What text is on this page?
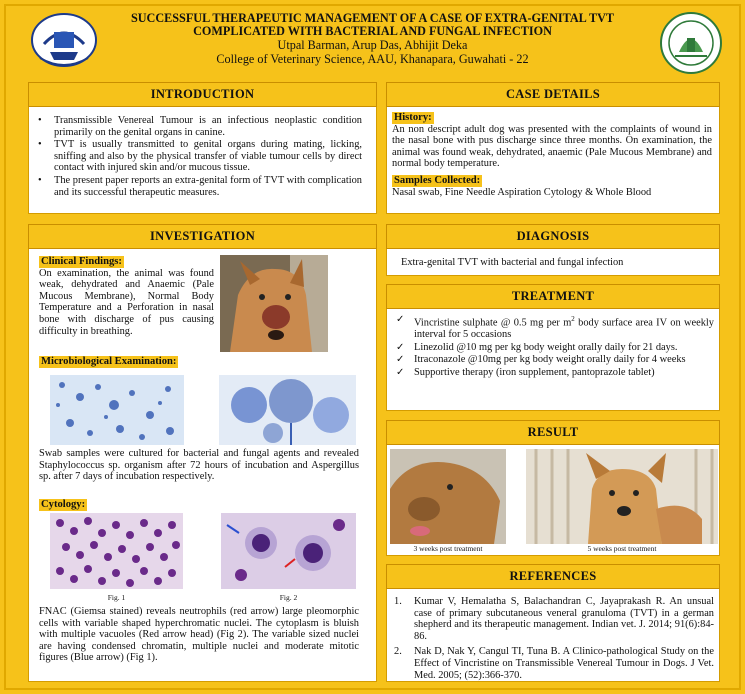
SUCCESSFUL THERAPEUTIC MANAGEMENT OF A CASE OF EXTRA-GENITAL TVT
COMPLICATED WITH BACTERIAL AND FUNGAL INFECTION
Utpal Barman, Arup Das, Abhijit Deka
College of Veterinary Science, AAU, Khanapara, Guwahati - 22
INTRODUCTION
• Transmissible Venereal Tumour is an infectious neoplastic condition primarily on the genital organs in canine.
• TVT is usually transmitted to genital organs during mating, licking, sniffing and also by the physical transfer of viable tumour cells by direct contact with injured skin and/or mucous tissue.
• The present paper reports an extra-genital form of TVT with complication and its successful therapeutic measures.
CASE DETAILS
History:
An non descript adult dog was presented with the complaints of wound in the nasal bone with pus discharge since three months. On examination, the animal was found weak, dehydrated, anaemic (Pale Mucous Membrane) and normal body temperature.
Samples Collected:
Nasal swab, Fine Needle Aspiration Cytology & Whole Blood
INVESTIGATION
Clinical Findings:
On examination, the animal was found weak, dehydrated and Anaemic (Pale Mucous Membrane), Normal Body Temperature and a Perforation in nasal bone with discharge of pus causing difficulty in breathing.
Microbiological Examination:
Swab samples were cultured for bacterial and fungal agents and revealed Staphylococcus sp. organism after 72 hours of incubation and Aspergillus sp. after 7 days of incubation respectively.
Cytology:
Fig. 1	Fig. 2
FNAC (Giemsa stained) reveals neutrophils (red arrow) large pleomorphic cells with variable shaped hyperchromatic nuclei. The cytoplasm is bluish with multiple vacuoles (Red arrow head) (Fig 2). The variable sized nuclei are having condensed chromatin, multiple nuclei and moderate mitotic figures (Blue arrow) (Fig 1).
DIAGNOSIS
Extra-genital TVT with bacterial and fungal infection
TREATMENT
✓ Vincristine sulphate @ 0.5 mg per $m^2$ body surface area IV on weekly interval for 5 occasions
✓ Linezolid @10 mg per kg body weight orally daily for 21 days.
✓ Itraconazole @10mg per kg body weight orally daily for 4 weeks
✓ Supportive therapy (iron supplement, pantoprazole tablet)
RESULT
3 weeks post treatment	5 weeks post treatment
REFERENCES
1. Kumar V, Hemalatha S, Balachandran C, Jayaprakash R. An unsual case of primary subcutaneous veneral granuloma (TVT) in a german shepherd and its therapeutic management. Indian vet. J. 2014; 91(6):84-86.
2. Nak D, Nak Y, Cangul TI, Tuna B. A Clinico-pathological Study on the Effect of Vincristine on Transmissible Venereal Tumour in Dogs. J Vet. Med. 2005; (52):366-370.
